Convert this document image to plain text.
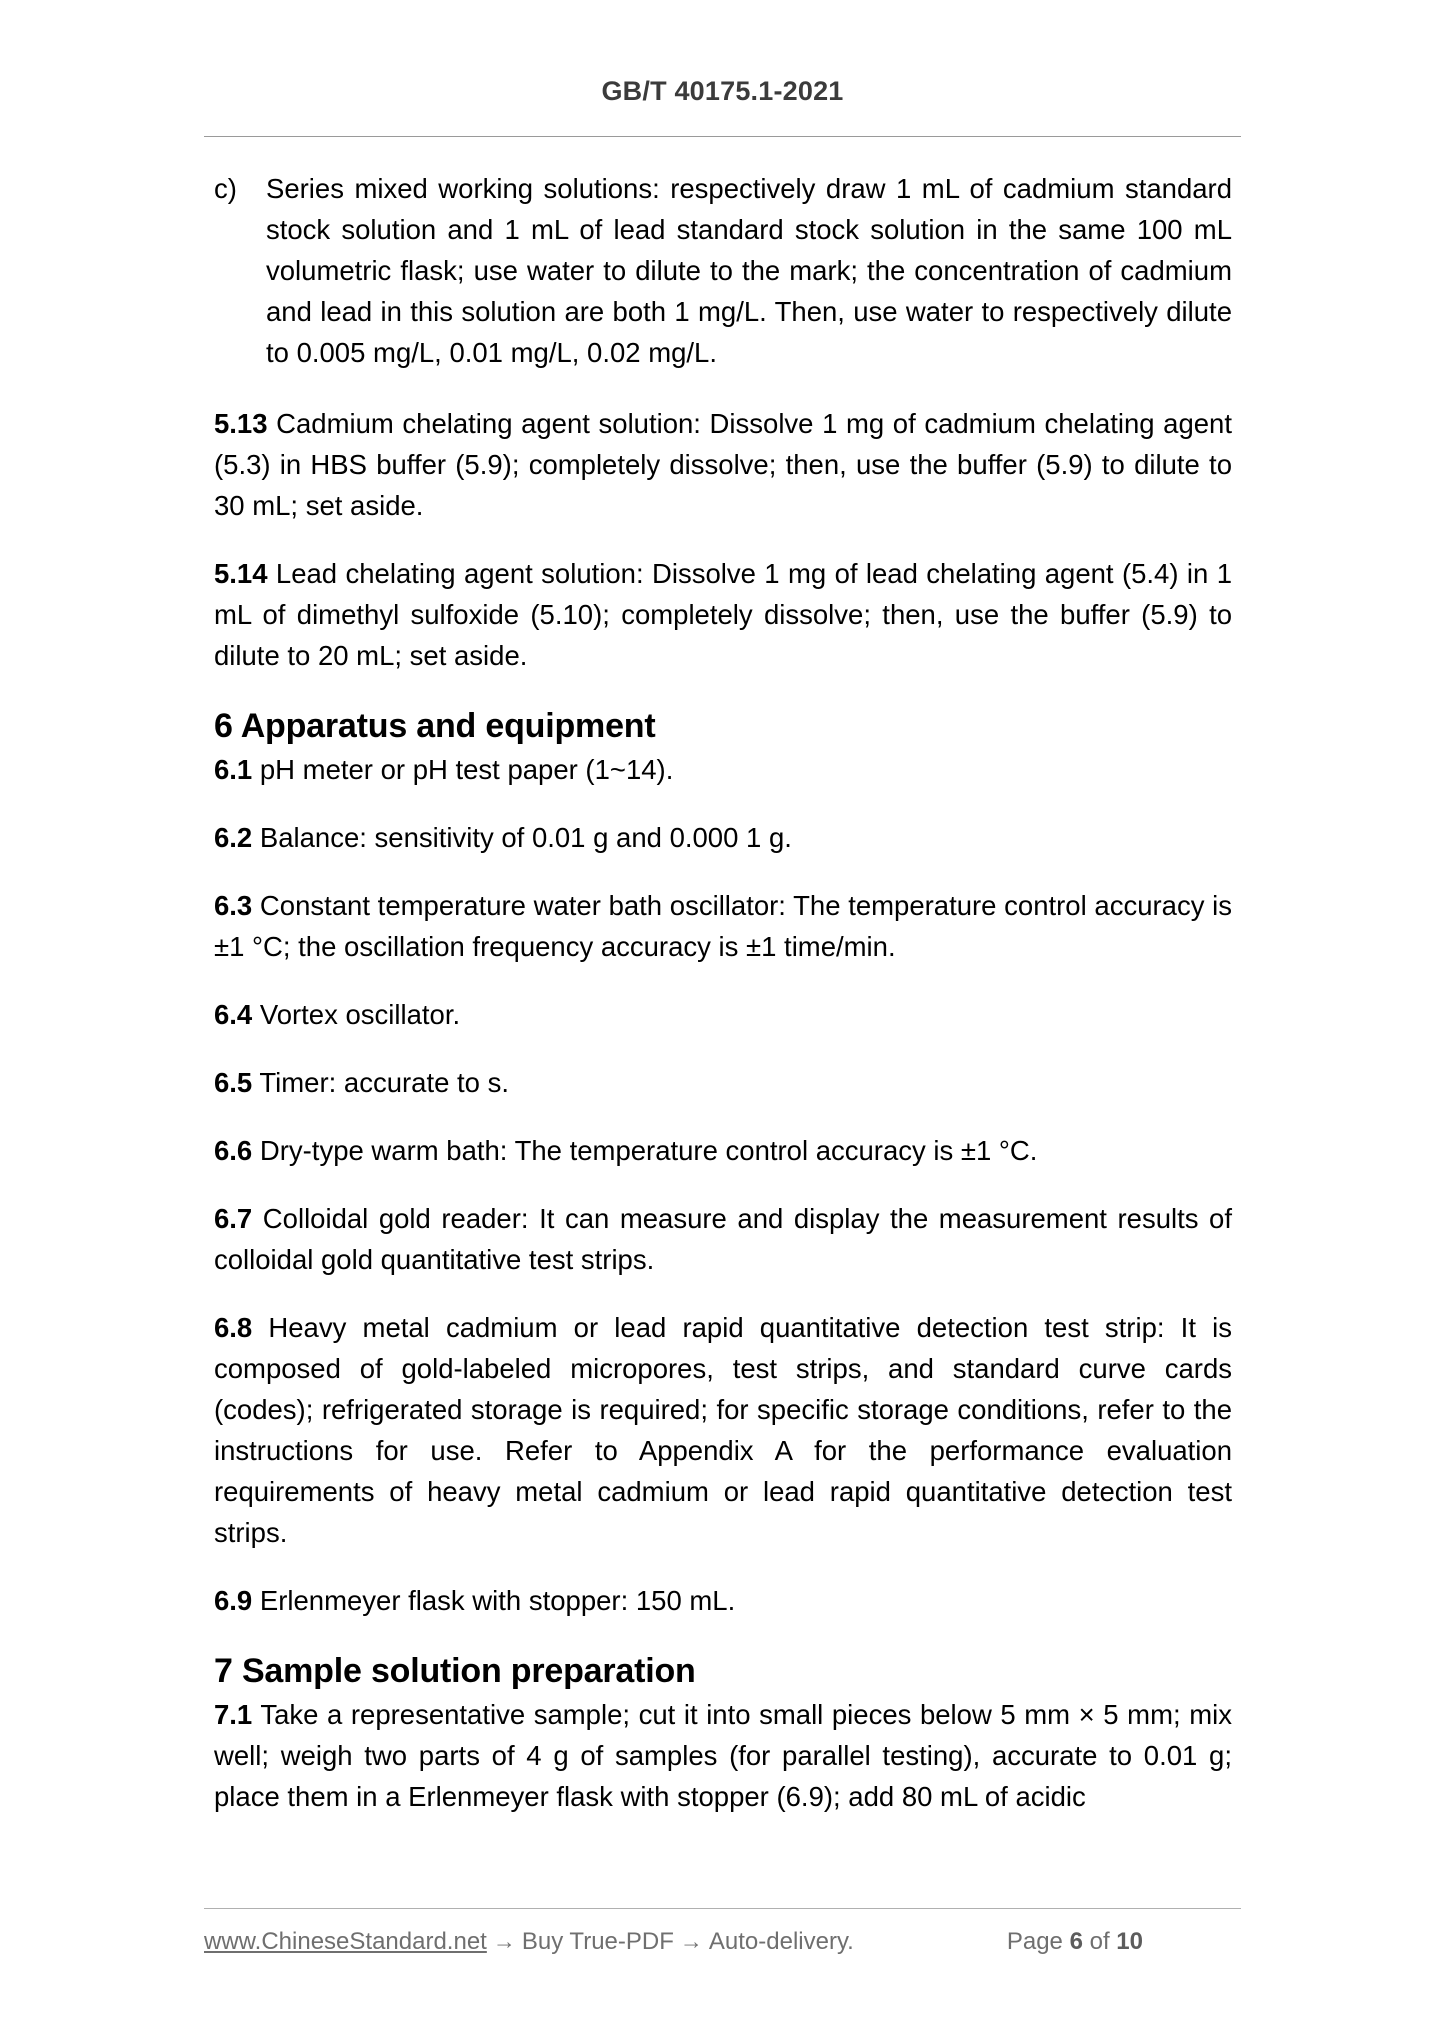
GB/T 40175.1-2021
c)	Series mixed working solutions: respectively draw 1 mL of cadmium standard stock solution and 1 mL of lead standard stock solution in the same 100 mL volumetric flask; use water to dilute to the mark; the concentration of cadmium and lead in this solution are both 1 mg/L. Then, use water to respectively dilute to 0.005 mg/L, 0.01 mg/L, 0.02 mg/L.

5.13 Cadmium chelating agent solution: Dissolve 1 mg of cadmium chelating agent (5.3) in HBS buffer (5.9); completely dissolve; then, use the buffer (5.9) to dilute to 30 mL; set aside.

5.14 Lead chelating agent solution: Dissolve 1 mg of lead chelating agent (5.4) in 1 mL of dimethyl sulfoxide (5.10); completely dissolve; then, use the buffer (5.9) to dilute to 20 mL; set aside.

6 Apparatus and equipment

6.1 pH meter or pH test paper (1~14).

6.2 Balance: sensitivity of 0.01 g and 0.000 1 g.

6.3 Constant temperature water bath oscillator: The temperature control accuracy is ±1 °C; the oscillation frequency accuracy is ±1 time/min.

6.4 Vortex oscillator.

6.5 Timer: accurate to s.

6.6 Dry-type warm bath: The temperature control accuracy is ±1 °C.

6.7 Colloidal gold reader: It can measure and display the measurement results of colloidal gold quantitative test strips.

6.8 Heavy metal cadmium or lead rapid quantitative detection test strip: It is composed of gold-labeled micropores, test strips, and standard curve cards (codes); refrigerated storage is required; for specific storage conditions, refer to the instructions for use. Refer to Appendix A for the performance evaluation requirements of heavy metal cadmium or lead rapid quantitative detection test strips.

6.9 Erlenmeyer flask with stopper: 150 mL.

7 Sample solution preparation

7.1 Take a representative sample; cut it into small pieces below 5 mm × 5 mm; mix well; weigh two parts of 4 g of samples (for parallel testing), accurate to 0.01 g; place them in a Erlenmeyer flask with stopper (6.9); add 80 mL of acidic

www.ChineseStandard.net → Buy True-PDF → Auto-delivery.	Page 6 of 10
